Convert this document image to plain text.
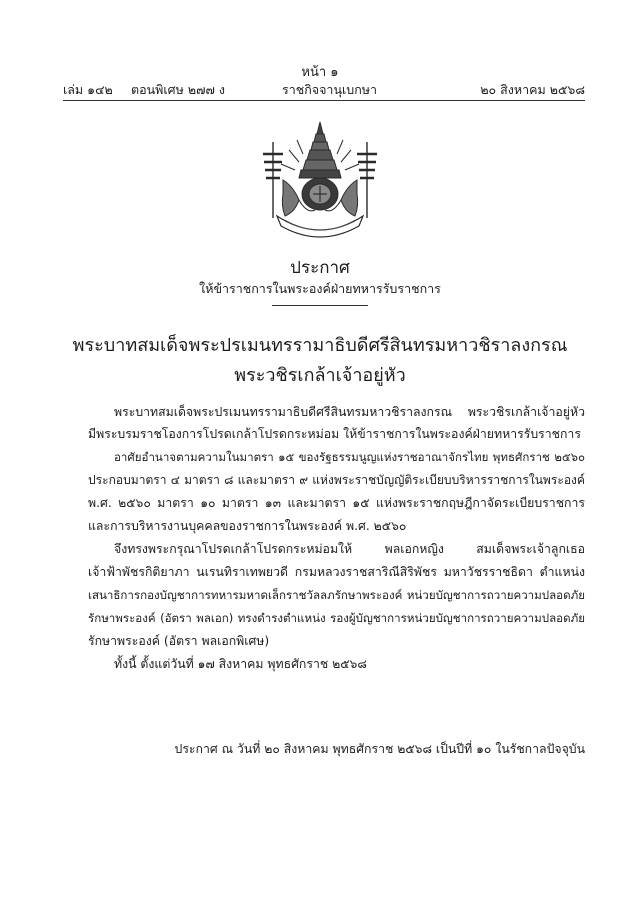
หน้า ๑
เล่ม ๑๔๒ ตอนพิเศษ ๒๗๗ ง	ราชกิจจานุเบกษา	๒๐ สิงหาคม ๒๕๖๘
ประกาศ
ให้ข้าราชการในพระองค์ฝ่ายทหารรับราชการ
พระบาทสมเด็จพระปรเมนทรรามาธิบดีศรีสินทรมหาวชิราลงกรณ
พระวชิรเกล้าเจ้าอยู่หัว
พระบาทสมเด็จพระปรเมนทรรามาธิบดีศรีสินทรมหาวชิราลงกรณ พระวชิรเกล้าเจ้าอยู่หัว
มีพระบรมราชโองการโปรดเกล้าโปรดกระหม่อม ให้ข้าราชการในพระองค์ฝ่ายทหารรับราชการ
อาศัยอำนาจตามความในมาตรา ๑๕ ของรัฐธรรมนูญแห่งราชอาณาจักรไทย พุทธศักราช ๒๕๖๐
ประกอบมาตรา ๔ มาตรา ๘ และมาตรา ๙ แห่งพระราชบัญญัติระเบียบบริหารราชการในพระองค์
พ.ศ. ๒๕๖๐ มาตรา ๑๐ มาตรา ๑๓ และมาตรา ๑๕ แห่งพระราชกฤษฎีกาจัดระเบียบราชการ
และการบริหารงานบุคคลของราชการในพระองค์ พ.ศ. ๒๕๖๐
จึงทรงพระกรุณาโปรดเกล้าโปรดกระหม่อมให้ พลเอกหญิง สมเด็จพระเจ้าลูกเธอ
เจ้าฟ้าพัชรกิติยาภา นเรนทิราเทพยวดี กรมหลวงราชสาริณีสิริพัชร มหาวัชรราชธิดา ตำแหน่ง
เสนาธิการกองบัญชาการทหารมหาดเล็กราชวัลลภรักษาพระองค์ หน่วยบัญชาการถวายความปลอดภัย
รักษาพระองค์ (อัตรา พลเอก) ทรงดำรงตำแหน่ง รองผู้บัญชาการหน่วยบัญชาการถวายความปลอดภัย
รักษาพระองค์ (อัตรา พลเอกพิเศษ)
ทั้งนี้ ตั้งแต่วันที่ ๑๗ สิงหาคม พุทธศักราช ๒๕๖๘
ประกาศ ณ วันที่ ๒๐ สิงหาคม พุทธศักราช ๒๕๖๘ เป็นปีที่ ๑๐ ในรัชกาลปัจจุบัน
